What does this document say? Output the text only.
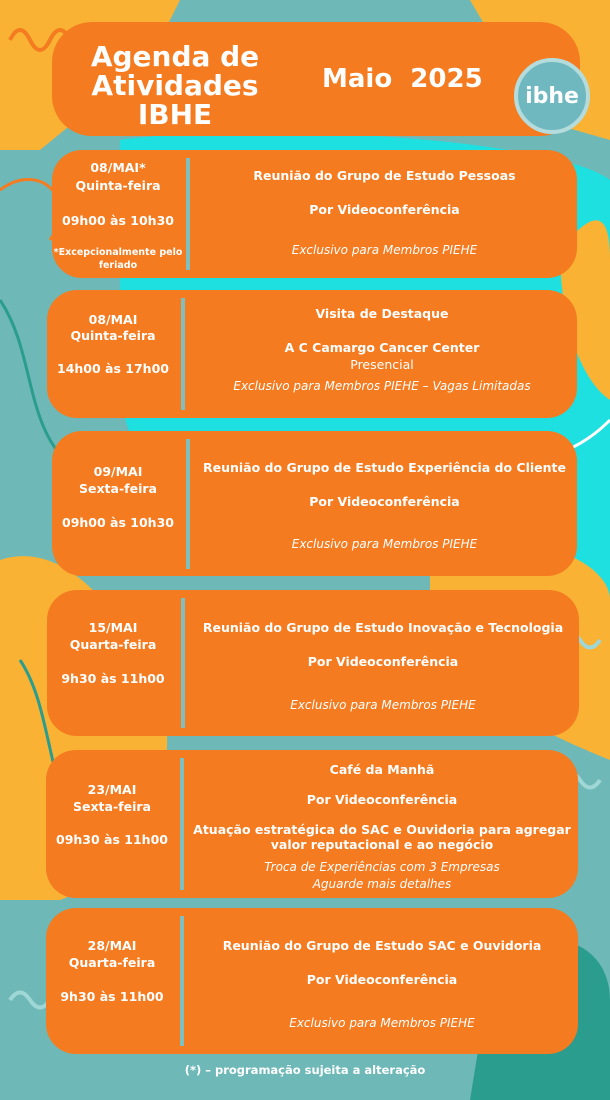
Agenda de
Atividades
IBHE
Maio  2025
ibhe
08/MAI*
Quinta-feira
09h00 às 10h30
*Excepcionalmente pelo feriado
Reunião do Grupo de Estudo Pessoas
Por Videoconferência
Exclusivo para Membros PIEHE
08/MAI
Quinta-feira
14h00 às 17h00
Visita de Destaque
A C Camargo Cancer Center
Presencial
Exclusivo para Membros PIEHE – Vagas Limitadas
09/MAI
Sexta-feira
09h00 às 10h30
Reunião do Grupo de Estudo Experiência do Cliente
Por Videoconferência
Exclusivo para Membros PIEHE
15/MAI
Quarta-feira
9h30 às 11h00
Reunião do Grupo de Estudo Inovação e Tecnologia
Por Videoconferência
Exclusivo para Membros PIEHE
23/MAI
Sexta-feira
09h30 às 11h00
Café da Manhã
Por Videoconferência
Atuação estratégica do SAC e Ouvidoria para agregar
valor reputacional e ao negócio
Troca de Experiências com 3 Empresas
Aguarde mais detalhes
28/MAI
Quarta-feira
9h30 às 11h00
Reunião do Grupo de Estudo SAC e Ouvidoria
Por Videoconferência
Exclusivo para Membros PIEHE
(*) – programação sujeita a alteração
